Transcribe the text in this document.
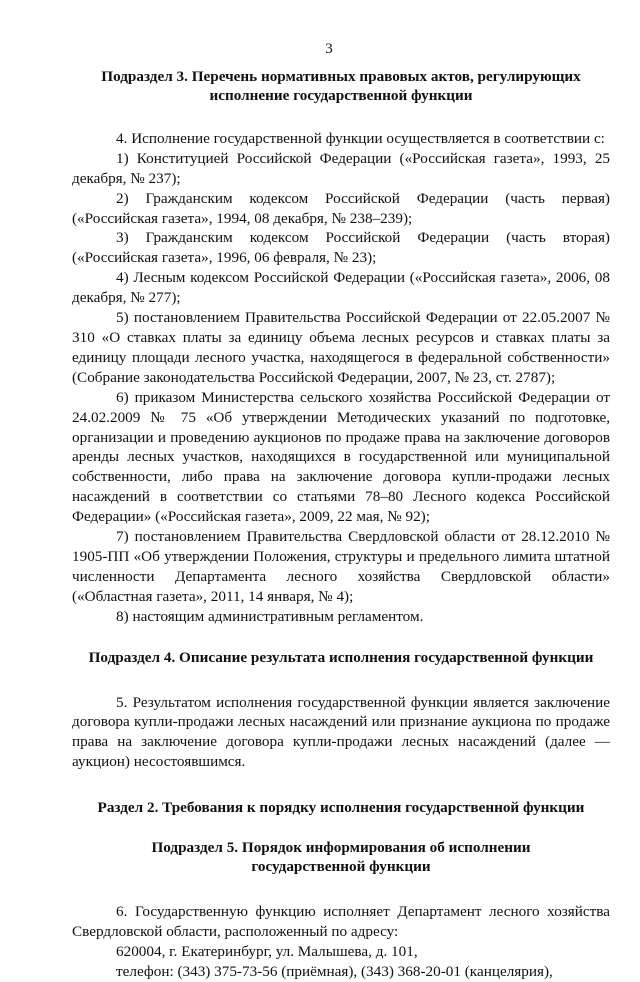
3
Подраздел 3. Перечень нормативных правовых актов, регулирующих
исполнение государственной функции
4. Исполнение государственной функции осуществляется в соответствии с:
1) Конституцией Российской Федерации («Российская газета», 1993, 25 декабря, № 237);
2) Гражданским кодексом Российской Федерации (часть первая) («Российская газета», 1994, 08 декабря, № 238–239);
3) Гражданским кодексом Российской Федерации (часть вторая) («Российская газета», 1996, 06 февраля, № 23);
4) Лесным кодексом Российской Федерации («Российская газета», 2006, 08 декабря, № 277);
5) постановлением Правительства Российской Федерации от 22.05.2007 № 310 «О ставках платы за единицу объема лесных ресурсов и ставках платы за единицу площади лесного участка, находящегося в федеральной собственности» (Собрание законодательства Российской Федерации, 2007, № 23, ст. 2787);
6) приказом Министерства сельского хозяйства Российской Федерации от 24.02.2009 № 75 «Об утверждении Методических указаний по подготовке, организации и проведению аукционов по продаже права на заключение договоров аренды лесных участков, находящихся в государственной или муниципальной собственности, либо права на заключение договора купли-продажи лесных насаждений в соответствии со статьями 78–80 Лесного кодекса Российской Федерации» («Российская газета», 2009, 22 мая, № 92);
7) постановлением Правительства Свердловской области от 28.12.2010 № 1905-ПП «Об утверждении Положения, структуры и предельного лимита штатной численности Департамента лесного хозяйства Свердловской области» («Областная газета», 2011, 14 января, № 4);
8) настоящим административным регламентом.
Подраздел 4. Описание результата исполнения государственной функции
5. Результатом исполнения государственной функции является заключение договора купли-продажи лесных насаждений или признание аукциона по продаже права на заключение договора купли-продажи лесных насаждений (далее — аукцион) несостоявшимся.
Раздел 2. Требования к порядку исполнения государственной функции
Подраздел 5. Порядок информирования об исполнении
государственной функции
6. Государственную функцию исполняет Департамент лесного хозяйства Свердловской области, расположенный по адресу:
620004, г. Екатеринбург, ул. Малышева, д. 101,
телефон: (343) 375-73-56 (приёмная), (343) 368-20-01 (канцелярия),
